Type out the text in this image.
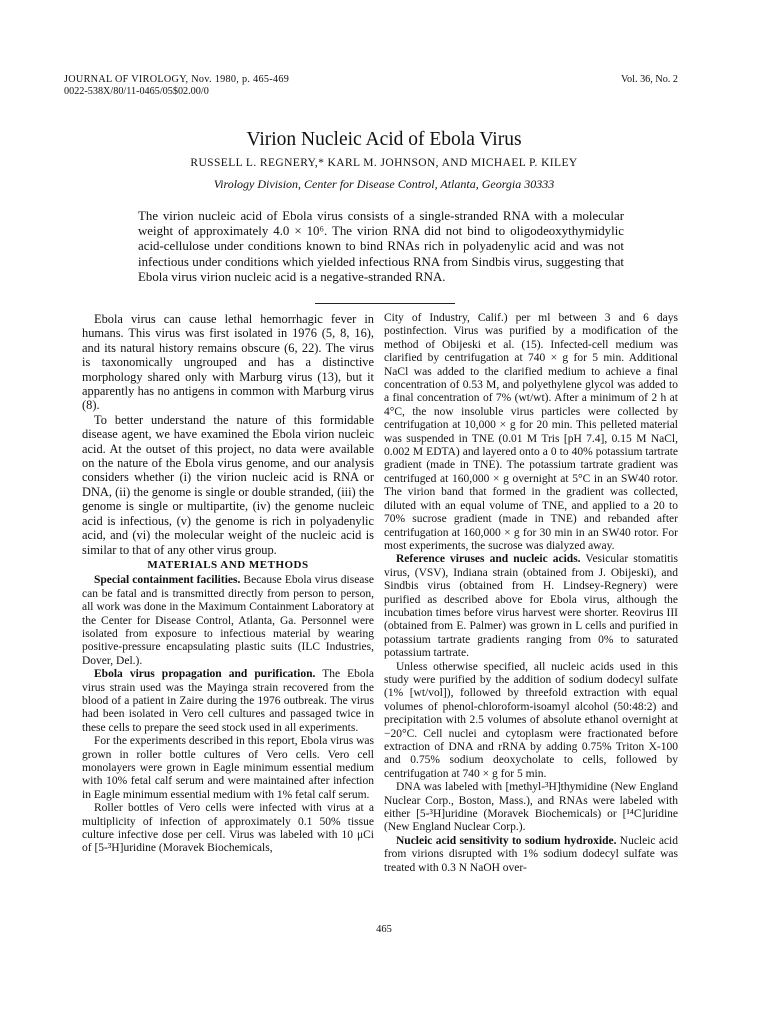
JOURNAL OF VIROLOGY, Nov. 1980, p. 465-469
0022-538X/80/11-0465/05$02.00/0
Vol. 36, No. 2
Virion Nucleic Acid of Ebola Virus
RUSSELL L. REGNERY,* KARL M. JOHNSON, AND MICHAEL P. KILEY
Virology Division, Center for Disease Control, Atlanta, Georgia 30333
The virion nucleic acid of Ebola virus consists of a single-stranded RNA with a molecular weight of approximately 4.0 × 10⁶. The virion RNA did not bind to oligodeoxythymidylic acid-cellulose under conditions known to bind RNAs rich in polyadenylic acid and was not infectious under conditions which yielded infectious RNA from Sindbis virus, suggesting that Ebola virus virion nucleic acid is a negative-stranded RNA.

Ebola virus can cause lethal hemorrhagic fever in humans. This virus was first isolated in 1976 (5, 8, 16), and its natural history remains obscure (6, 22). The virus is taxonomically ungrouped and has a distinctive morphology shared only with Marburg virus (13), but it apparently has no antigens in common with Marburg virus (8).

To better understand the nature of this formidable disease agent, we have examined the Ebola virion nucleic acid. At the outset of this project, no data were available on the nature of the Ebola virus genome, and our analysis considers whether (i) the virion nucleic acid is RNA or DNA, (ii) the genome is single or double stranded, (iii) the genome is single or multipartite, (iv) the genome nucleic acid is infectious, (v) the genome is rich in polyadenylic acid, and (vi) the molecular weight of the nucleic acid is similar to that of any other virus group.

MATERIALS AND METHODS

Special containment facilities. Because Ebola virus disease can be fatal and is transmitted directly from person to person, all work was done in the Maximum Containment Laboratory at the Center for Disease Control, Atlanta, Ga. Personnel were isolated from exposure to infectious material by wearing positive-pressure encapsulating plastic suits (ILC Industries, Dover, Del.).

Ebola virus propagation and purification. The Ebola virus strain used was the Mayinga strain recovered from the blood of a patient in Zaire during the 1976 outbreak. The virus had been isolated in Vero cell cultures and passaged twice in these cells to prepare the seed stock used in all experiments.

For the experiments described in this report, Ebola virus was grown in roller bottle cultures of Vero cells. Vero cell monolayers were grown in Eagle minimum essential medium with 10% fetal calf serum and were maintained after infection in Eagle minimum essential medium with 1% fetal calf serum.

Roller bottles of Vero cells were infected with virus at a multiplicity of infection of approximately 0.1 50% tissue culture infective dose per cell. Virus was labeled with 10 μCi of [5-³H]uridine (Moravek Biochemicals,

City of Industry, Calif.) per ml between 3 and 6 days postinfection. Virus was purified by a modification of the method of Obijeski et al. (15). Infected-cell medium was clarified by centrifugation at 740 × g for 5 min. Additional NaCl was added to the clarified medium to achieve a final concentration of 0.53 M, and polyethylene glycol was added to a final concentration of 7% (wt/wt). After a minimum of 2 h at 4°C, the now insoluble virus particles were collected by centrifugation at 10,000 × g for 20 min. This pelleted material was suspended in TNE (0.01 M Tris [pH 7.4], 0.15 M NaCl, 0.002 M EDTA) and layered onto a 0 to 40% potassium tartrate gradient (made in TNE). The potassium tartrate gradient was centrifuged at 160,000 × g overnight at 5°C in an SW40 rotor. The virion band that formed in the gradient was collected, diluted with an equal volume of TNE, and applied to a 20 to 70% sucrose gradient (made in TNE) and rebanded after centrifugation at 160,000 × g for 30 min in an SW40 rotor. For most experiments, the sucrose was dialyzed away.

Reference viruses and nucleic acids. Vesicular stomatitis virus, (VSV), Indiana strain (obtained from J. Obijeski), and Sindbis virus (obtained from H. Lindsey-Regnery) were purified as described above for Ebola virus, although the incubation times before virus harvest were shorter. Reovirus III (obtained from E. Palmer) was grown in L cells and purified in potassium tartrate gradients ranging from 0% to saturated potassium tartrate.

Unless otherwise specified, all nucleic acids used in this study were purified by the addition of sodium dodecyl sulfate (1% [wt/vol]), followed by threefold extraction with equal volumes of phenol-chloroform-isoamyl alcohol (50:48:2) and precipitation with 2.5 volumes of absolute ethanol overnight at −20°C. Cell nuclei and cytoplasm were fractionated before extraction of DNA and rRNA by adding 0.75% Triton X-100 and 0.75% sodium deoxycholate to cells, followed by centrifugation at 740 × g for 5 min.

DNA was labeled with [methyl-³H]thymidine (New England Nuclear Corp., Boston, Mass.), and RNAs were labeled with either [5-³H]uridine (Moravek Biochemicals) or [¹⁴C]uridine (New England Nuclear Corp.).

Nucleic acid sensitivity to sodium hydroxide. Nucleic acid from virions disrupted with 1% sodium dodecyl sulfate was treated with 0.3 N NaOH over-

465
